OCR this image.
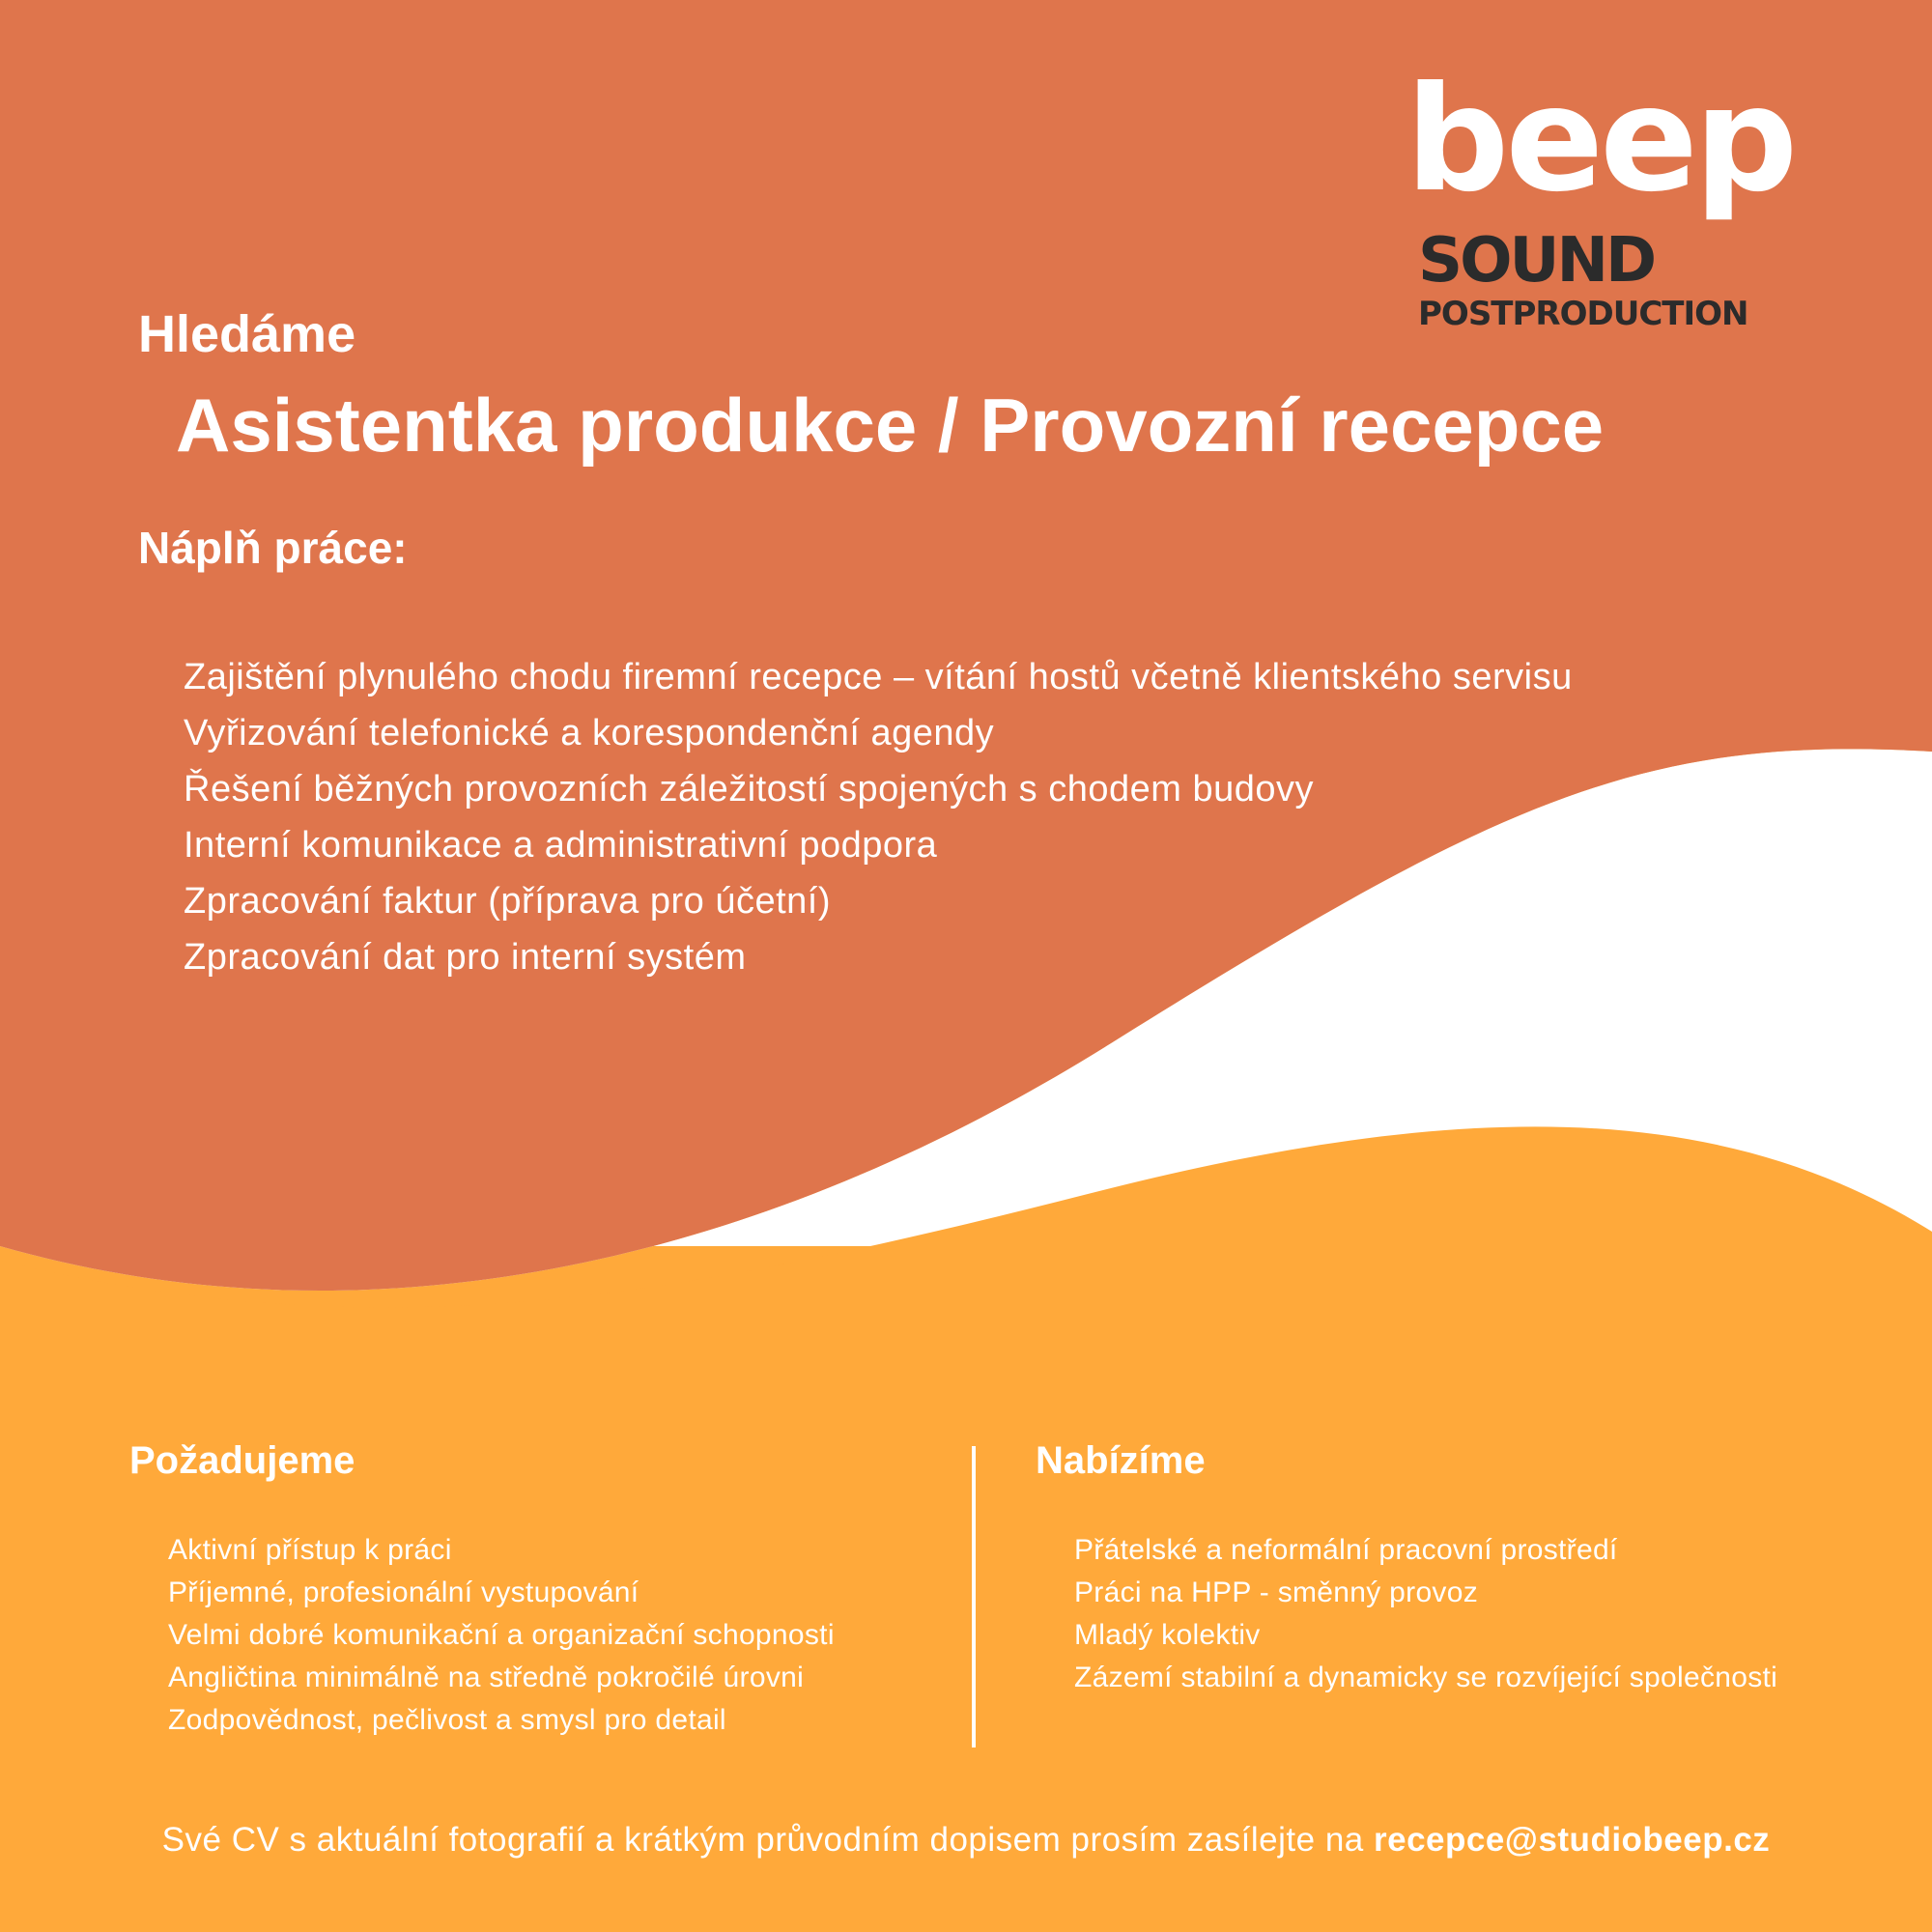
beep
SOUND
POSTPRODUCTION
Hledáme
Asistentka produkce / Provozní recepce
Náplň práce:
Zajištění plynulého chodu firemní recepce – vítání hostů včetně klientského servisu
Vyřizování telefonické a korespondenční agendy
Řešení běžných provozních záležitostí spojených s chodem budovy
Interní komunikace a administrativní podpora
Zpracování faktur (příprava pro účetní)
Zpracování dat pro interní systém
Požadujeme
Aktivní přístup k práci
Příjemné, profesionální vystupování
Velmi dobré komunikační a organizační schopnosti
Angličtina minimálně na středně pokročilé úrovni
Zodpovědnost, pečlivost a smysl pro detail
Nabízíme
Přátelské a neformální pracovní prostředí
Práci na HPP - směnný provoz
Mladý kolektiv
Zázemí stabilní a dynamicky se rozvíjející společnosti

Své CV s aktuální fotografií a krátkým průvodním dopisem prosím zasílejte na recepce@studiobeep.cz
